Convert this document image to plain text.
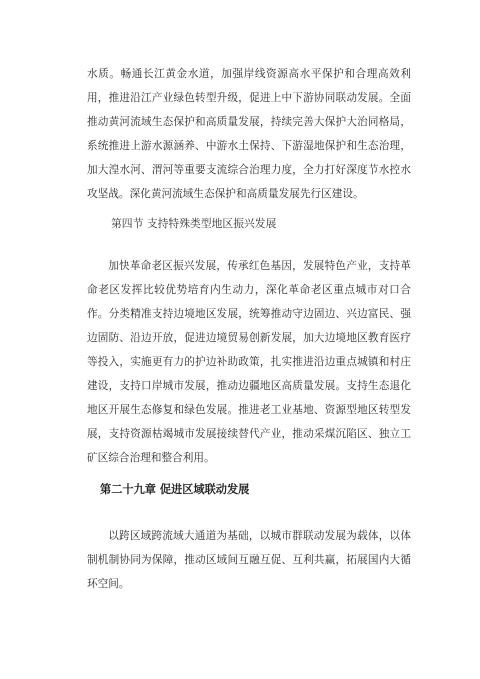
水质。畅通长江黄金水道，加强岸线资源高水平保护和合理高效利用，推进沿江产业绿色转型升级，促进上中下游协同联动发展。全面推动黄河流域生态保护和高质量发展，持续完善大保护大治同格局，系统推进上游水源涵养、中游水土保持、下游湿地保护和生态治理，加大湟水河、渭河等重要支流综合治理力度，全力打好深度节水控水攻坚战。深化黄河流域生态保护和高质量发展先行区建设。

第四节 支持特殊类型地区振兴发展

加快革命老区振兴发展，传承红色基因，发展特色产业，支持革命老区发挥比较优势培育内生动力，深化革命老区重点城市对口合作。分类精准支持边境地区发展，统筹推动守边固边、兴边富民、强边固防、沿边开放，促进边境贸易创新发展，加大边境地区教育医疗等投入，实施更有力的护边补助政策，扎实推进沿边重点城镇和村庄建设，支持口岸城市发展，推动边疆地区高质量发展。支持生态退化地区开展生态修复和绿色发展。推进老工业基地、资源型地区转型发展，支持资源枯竭城市发展接续替代产业，推动采煤沉陷区、独立工矿区综合治理和整合利用。

第二十九章 促进区域联动发展

以跨区域跨流域大通道为基础，以城市群联动发展为载体，以体制机制协同为保障，推动区域间互融互促、互利共赢，拓展国内大循环空间。
